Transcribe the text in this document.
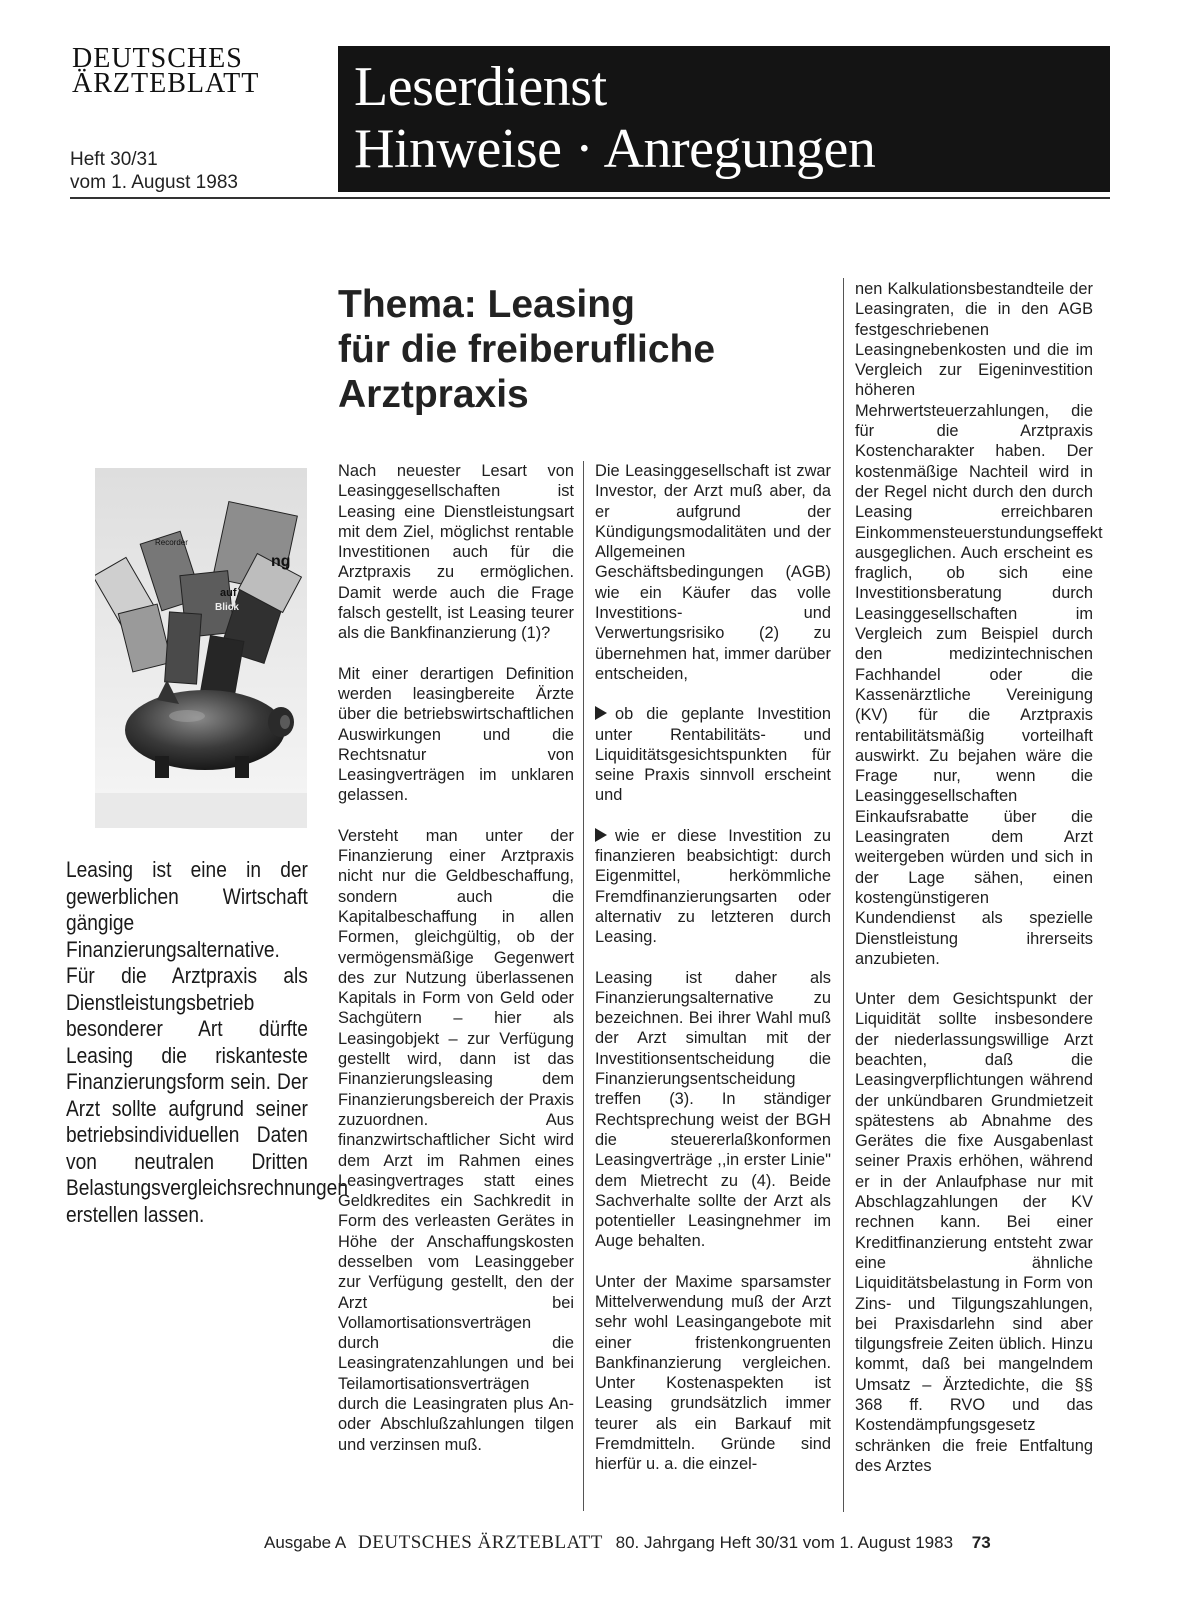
DEUTSCHES
ÄRZTEBLATT
Heft 30/31
vom 1. August 1983
Leserdienst
Hinweise · Anregungen
Thema: Leasing
für die freiberufliche
Arztpraxis
Recorder
auf
Blick
ng
Leasing ist eine in der gewerblichen Wirtschaft gängige Finanzierungsalternative. Für die Arztpraxis als Dienstleistungsbetrieb besonderer Art dürfte Leasing die riskanteste Finanzierungsform sein. Der Arzt sollte aufgrund seiner betriebsindividuellen Daten von neutralen Dritten Belastungsvergleichsrechnungen erstellen lassen.

Nach neuester Lesart von Leasinggesellschaften ist Leasing eine Dienstleistungsart mit dem Ziel, möglichst rentable Investitionen auch für die Arztpraxis zu ermöglichen. Damit werde auch die Frage falsch gestellt, ist Leasing teurer als die Bankfinanzierung (1)?

Mit einer derartigen Definition werden leasingbereite Ärzte über die betriebswirtschaftlichen Auswirkungen und die Rechtsnatur von Leasingverträgen im unklaren gelassen.

Versteht man unter der Finanzierung einer Arztpraxis nicht nur die Geldbeschaffung, sondern auch die Kapitalbeschaffung in allen Formen, gleichgültig, ob der vermögensmäßige Gegenwert des zur Nutzung überlassenen Kapitals in Form von Geld oder Sachgütern – hier als Leasingobjekt – zur Verfügung gestellt wird, dann ist das Finanzierungsleasing dem Finanzierungsbereich der Praxis zuzuordnen. Aus finanzwirtschaftlicher Sicht wird dem Arzt im Rahmen eines Leasingvertrages statt eines Geldkredites ein Sachkredit in Form des verleasten Gerätes in Höhe der Anschaffungskosten desselben vom Leasinggeber zur Verfügung gestellt, den der Arzt bei Vollamortisationsverträgen durch die Leasingratenzahlungen und bei Teilamortisationsverträgen durch die Leasingraten plus An- oder Abschlußzahlungen tilgen und verzinsen muß.

Die Leasinggesellschaft ist zwar Investor, der Arzt muß aber, da er aufgrund der Kündigungsmodalitäten und der Allgemeinen Geschäftsbedingungen (AGB) wie ein Käufer das volle Investitions- und Verwertungsrisiko (2) zu übernehmen hat, immer darüber entscheiden,

ob die geplante Investition unter Rentabilitäts- und Liquiditätsgesichtspunkten für seine Praxis sinnvoll erscheint und

wie er diese Investition zu finanzieren beabsichtigt: durch Eigenmittel, herkömmliche Fremdfinanzierungsarten oder alternativ zu letzteren durch Leasing.

Leasing ist daher als Finanzierungsalternative zu bezeichnen. Bei ihrer Wahl muß der Arzt simultan mit der Investitionsentscheidung die Finanzierungsentscheidung treffen (3). In ständiger Rechtsprechung weist der BGH die steuererlaßkonformen Leasingverträge ,,in erster Linie" dem Mietrecht zu (4). Beide Sachverhalte sollte der Arzt als potentieller Leasingnehmer im Auge behalten.

Unter der Maxime sparsamster Mittelverwendung muß der Arzt sehr wohl Leasingangebote mit einer fristenkongruenten Bankfinanzierung vergleichen. Unter Kostenaspekten ist Leasing grundsätzlich immer teurer als ein Barkauf mit Fremdmitteln. Gründe sind hierfür u. a. die einzel-

nen Kalkulationsbestandteile der Leasingraten, die in den AGB festgeschriebenen Leasingnebenkosten und die im Vergleich zur Eigeninvestition höheren Mehrwertsteuerzahlungen, die für die Arztpraxis Kostencharakter haben. Der kostenmäßige Nachteil wird in der Regel nicht durch den durch Leasing erreichbaren Einkommensteuerstundungseffekt ausgeglichen. Auch erscheint es fraglich, ob sich eine Investitionsberatung durch Leasinggesellschaften im Vergleich zum Beispiel durch den medizintechnischen Fachhandel oder die Kassenärztliche Vereinigung (KV) für die Arztpraxis rentabilitätsmäßig vorteilhaft auswirkt. Zu bejahen wäre die Frage nur, wenn die Leasinggesellschaften Einkaufsrabatte über die Leasingraten dem Arzt weitergeben würden und sich in der Lage sähen, einen kostengünstigeren Kundendienst als spezielle Dienstleistung ihrerseits anzubieten.

Unter dem Gesichtspunkt der Liquidität sollte insbesondere der niederlassungswillige Arzt beachten, daß die Leasingverpflichtungen während der unkündbaren Grundmietzeit spätestens ab Abnahme des Gerätes die fixe Ausgabenlast seiner Praxis erhöhen, während er in der Anlaufphase nur mit Abschlagzahlungen der KV rechnen kann. Bei einer Kreditfinanzierung entsteht zwar eine ähnliche Liquiditätsbelastung in Form von Zins- und Tilgungszahlungen, bei Praxisdarlehn sind aber tilgungsfreie Zeiten üblich. Hinzu kommt, daß bei mangelndem Umsatz – Ärztedichte, die §§ 368 ff. RVO und das Kostendämpfungsgesetz schränken die freie Entfaltung des Arztes

Ausgabe A DEUTSCHES ÄRZTEBLATT 80. Jahrgang Heft 30/31 vom 1. August 1983 73
